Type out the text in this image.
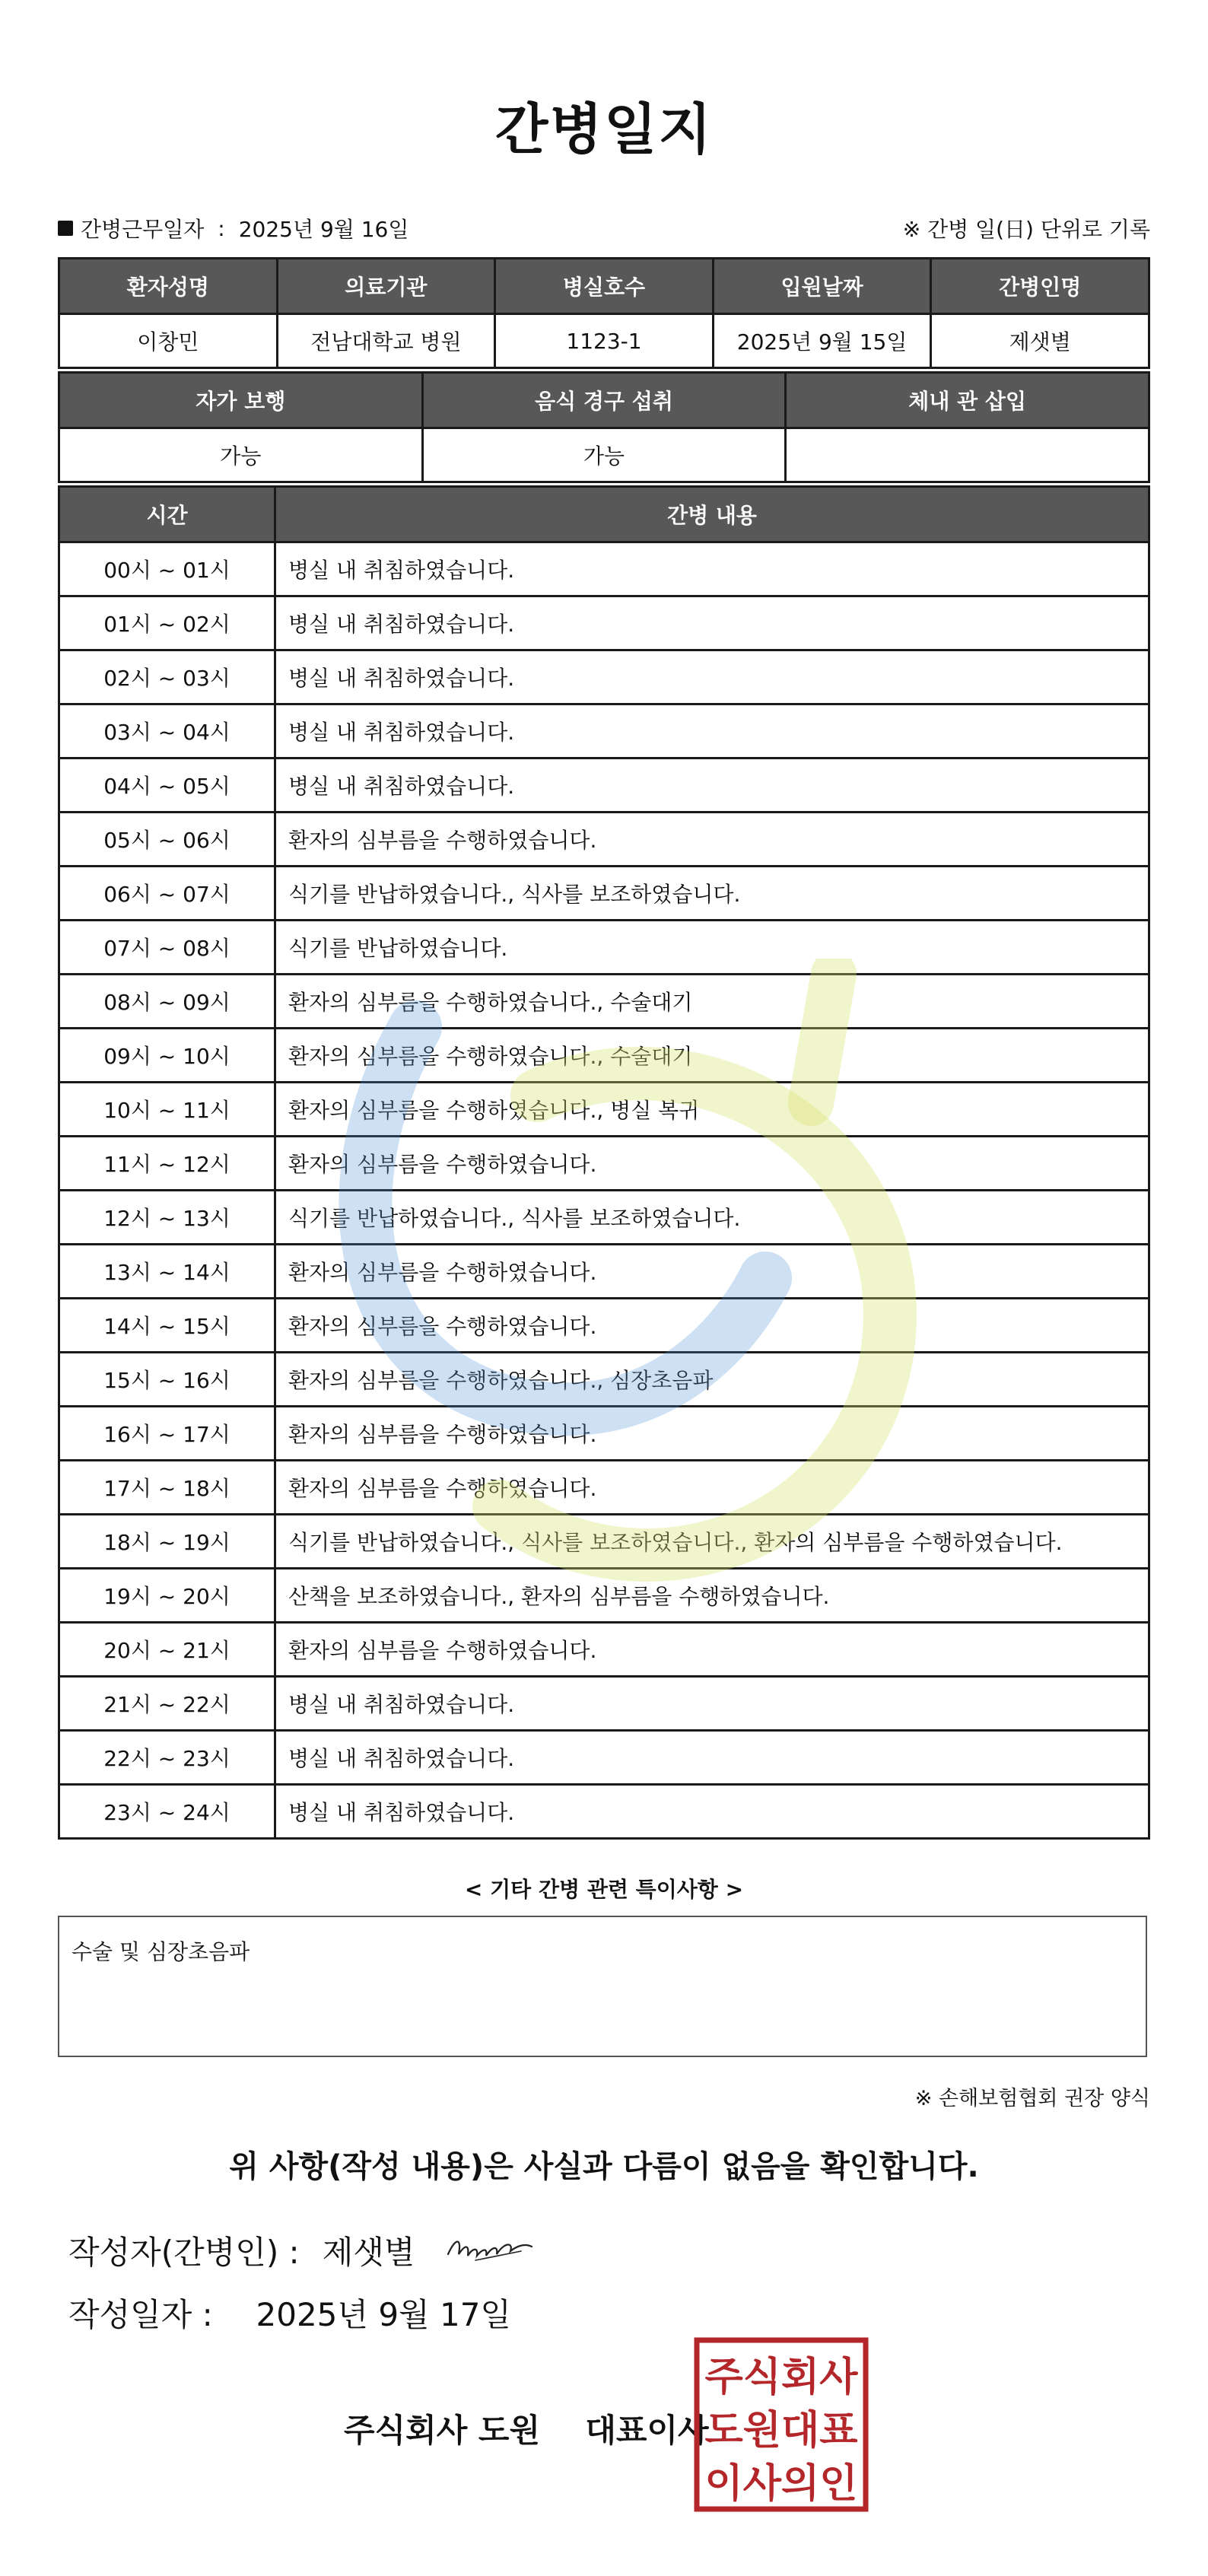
간병일지
간병근무일자 : 2025년 9월 16일	※ 간병 일(日) 단위로 기록
환자성명	의료기관	병실호수	입원날짜	간병인명
이창민	전남대학교 병원	1123-1	2025년 9월 15일	제샛별
자가 보행	음식 경구 섭취	체내 관 삽입
가능	가능	
시간	간병 내용
00시 ~ 01시	병실 내 취침하였습니다.
01시 ~ 02시	병실 내 취침하였습니다.
02시 ~ 03시	병실 내 취침하였습니다.
03시 ~ 04시	병실 내 취침하였습니다.
04시 ~ 05시	병실 내 취침하였습니다.
05시 ~ 06시	환자의 심부름을 수행하였습니다.
06시 ~ 07시	식기를 반납하였습니다., 식사를 보조하였습니다.
07시 ~ 08시	식기를 반납하였습니다.
08시 ~ 09시	환자의 심부름을 수행하였습니다., 수술대기
09시 ~ 10시	환자의 심부름을 수행하였습니다., 수술대기
10시 ~ 11시	환자의 심부름을 수행하였습니다., 병실 복귀
11시 ~ 12시	환자의 심부름을 수행하였습니다.
12시 ~ 13시	식기를 반납하였습니다., 식사를 보조하였습니다.
13시 ~ 14시	환자의 심부름을 수행하였습니다.
14시 ~ 15시	환자의 심부름을 수행하였습니다.
15시 ~ 16시	환자의 심부름을 수행하였습니다., 심장초음파
16시 ~ 17시	환자의 심부름을 수행하였습니다.
17시 ~ 18시	환자의 심부름을 수행하였습니다.
18시 ~ 19시	식기를 반납하였습니다., 식사를 보조하였습니다., 환자의 심부름을 수행하였습니다.
19시 ~ 20시	산책을 보조하였습니다., 환자의 심부름을 수행하였습니다.
20시 ~ 21시	환자의 심부름을 수행하였습니다.
21시 ~ 22시	병실 내 취침하였습니다.
22시 ~ 23시	병실 내 취침하였습니다.
23시 ~ 24시	병실 내 취침하였습니다.
< 기타 간병 관련 특이사항 >
수술 및 심장초음파
※ 손해보험협회 권장 양식
위 사항(작성 내용)은 사실과 다름이 없음을 확인합니다.
작성자(간병인) : 제샛별
작성일자 : 2025년 9월 17일
주식회사 도원 대표이사
주식회사
도원대표
이사의인
